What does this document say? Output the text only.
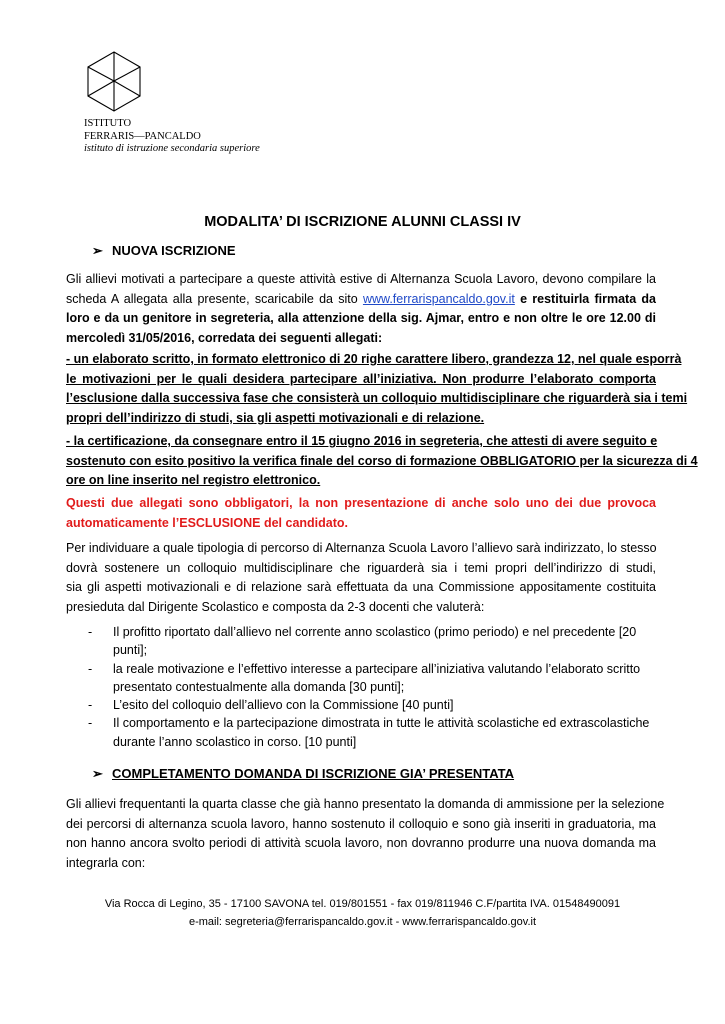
ISTITUTO
FERRARIS—PANCALDO
istituto di istruzione secondaria superiore
MODALITA’ DI ISCRIZIONE ALUNNI CLASSI IV
➢ NUOVA ISCRIZIONE
Gli allievi motivati a partecipare a queste attività estive di Alternanza Scuola Lavoro, devono compilare la
scheda A allegata alla presente, scaricabile da sito www.ferrarispancaldo.gov.it e restituirla firmata da
loro e da un genitore in segreteria, alla attenzione della sig. Ajmar, entro e non oltre le ore 12.00 di
mercoledì 31/05/2016, corredata dei seguenti allegati:
- un elaborato scritto, in formato elettronico di 20 righe carattere libero, grandezza 12, nel quale esporrà
le motivazioni per le quali desidera partecipare all’iniziativa. Non produrre l’elaborato comporta
l’esclusione dalla successiva fase che consisterà un colloquio multidisciplinare che riguarderà sia i temi
propri dell’indirizzo di studi, sia gli aspetti motivazionali e di relazione.
- la certificazione, da consegnare entro il 15 giugno 2016 in segreteria, che attesti di avere seguito e
sostenuto con esito positivo la verifica finale del corso di formazione OBBLIGATORIO per la sicurezza di 4
ore on line inserito nel registro elettronico.
Questi due allegati sono obbligatori, la non presentazione di anche solo uno dei due provoca
automaticamente l’ESCLUSIONE del candidato.
Per individuare a quale tipologia di percorso di Alternanza Scuola Lavoro l’allievo sarà indirizzato, lo stesso
dovrà sostenere un colloquio multidisciplinare che riguarderà sia i temi propri dell’indirizzo di studi,
sia gli aspetti motivazionali e di relazione sarà effettuata da una Commissione appositamente costituita
presieduta dal Dirigente Scolastico e composta da 2-3 docenti che valuterà:
- Il profitto riportato dall’allievo nel corrente anno scolastico (primo periodo) e nel precedente [20 punti];
- la reale motivazione e l’effettivo interesse a partecipare all’iniziativa valutando l’elaborato scritto presentato contestualmente alla domanda [30 punti];
- L’esito del colloquio dell’allievo con la Commissione [40 punti]
- Il comportamento e la partecipazione dimostrata in tutte le attività scolastiche ed extrascolastiche durante l’anno scolastico in corso. [10 punti]
➢ COMPLETAMENTO DOMANDA DI ISCRIZIONE GIA’ PRESENTATA
Gli allievi frequentanti la quarta classe che già hanno presentato la domanda di ammissione per la selezione
dei percorsi di alternanza scuola lavoro, hanno sostenuto il colloquio e sono già inseriti in graduatoria, ma
non hanno ancora svolto periodi di attività scuola lavoro, non dovranno produrre una nuova domanda ma
integrarla con:
Via Rocca di Legino, 35 - 17100 SAVONA tel. 019/801551 - fax 019/811946 C.F/partita IVA. 01548490091
e-mail: segreteria@ferrarispancaldo.gov.it - www.ferrarispancaldo.gov.it
